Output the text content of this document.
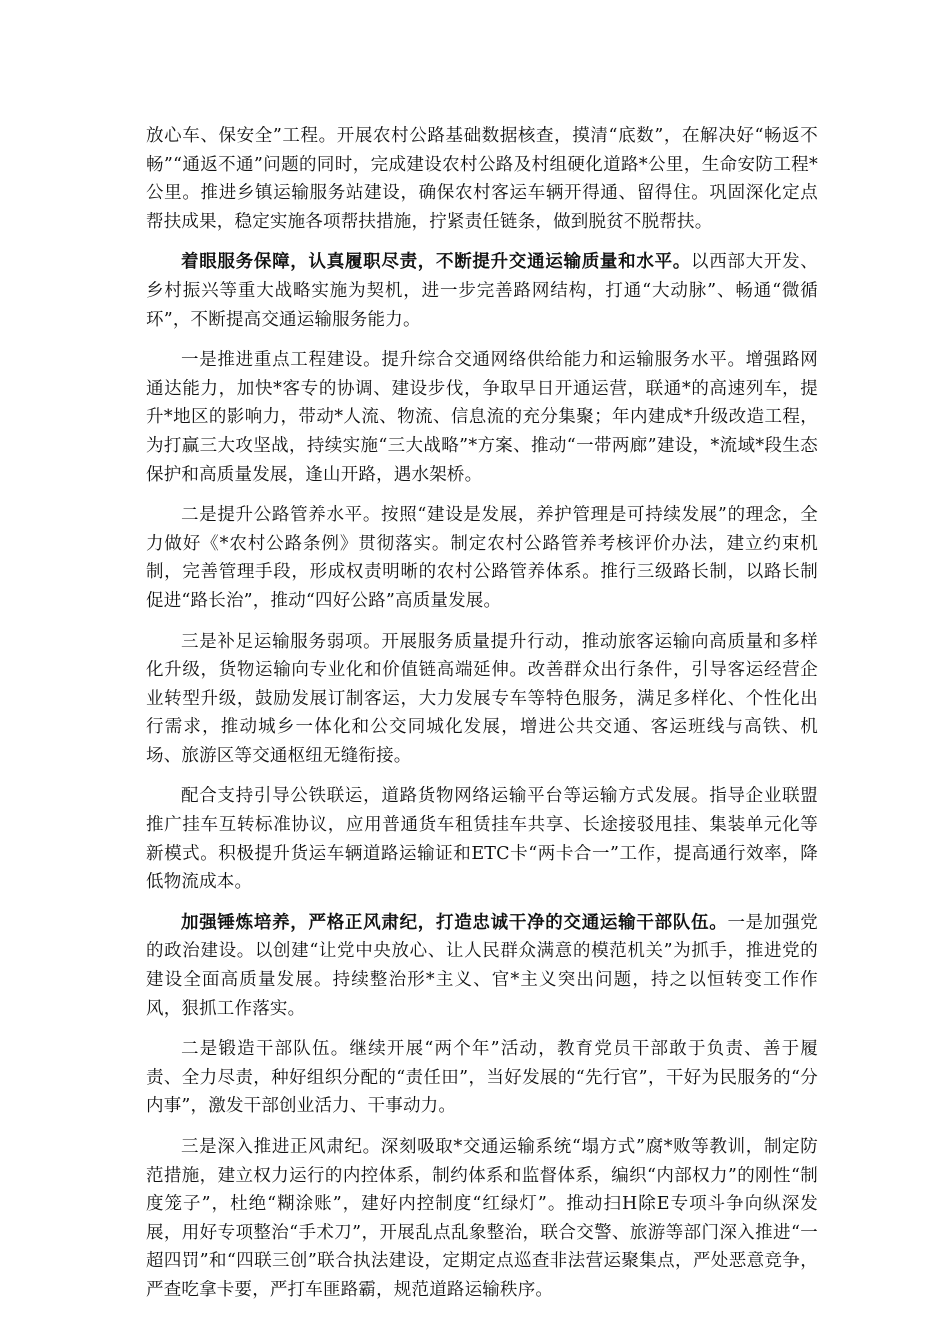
放心车、保安全”工程。开展农村公路基础数据核查，摸清“底数”，在解决好“畅返不畅”“通返不通”问题的同时，完成建设农村公路及村组硬化道路*公里，生命安防工程*公里。推进乡镇运输服务站建设，确保农村客运车辆开得通、留得住。巩固深化定点帮扶成果，稳定实施各项帮扶措施，拧紧责任链条，做到脱贫不脱帮扶。

着眼服务保障，认真履职尽责，不断提升交通运输质量和水平。以西部大开发、乡村振兴等重大战略实施为契机，进一步完善路网结构，打通“大动脉”、畅通“微循环”，不断提高交通运输服务能力。

一是推进重点工程建设。提升综合交通网络供给能力和运输服务水平。增强路网通达能力，加快*客专的协调、建设步伐，争取早日开通运营，联通*的高速列车，提升*地区的影响力，带动*人流、物流、信息流的充分集聚；年内建成*升级改造工程，为打赢三大攻坚战，持续实施“三大战略”*方案、推动“一带两廊”建设，*流域*段生态保护和高质量发展，逢山开路，遇水架桥。

二是提升公路管养水平。按照“建设是发展，养护管理是可持续发展”的理念，全力做好《*农村公路条例》贯彻落实。制定农村公路管养考核评价办法，建立约束机制，完善管理手段，形成权责明晰的农村公路管养体系。推行三级路长制，以路长制促进“路长治”，推动“四好公路”高质量发展。

三是补足运输服务弱项。开展服务质量提升行动，推动旅客运输向高质量和多样化升级，货物运输向专业化和价值链高端延伸。改善群众出行条件，引导客运经营企业转型升级，鼓励发展订制客运，大力发展专车等特色服务，满足多样化、个性化出行需求，推动城乡一体化和公交同城化发展，增进公共交通、客运班线与高铁、机场、旅游区等交通枢纽无缝衔接。

配合支持引导公铁联运，道路货物网络运输平台等运输方式发展。指导企业联盟推广挂车互转标准协议，应用普通货车租赁挂车共享、长途接驳甩挂、集装单元化等新模式。积极提升货运车辆道路运输证和ETC卡“两卡合一”工作，提高通行效率，降低物流成本。

加强锤炼培养，严格正风肃纪，打造忠诚干净的交通运输干部队伍。一是加强党的政治建设。以创建“让党中央放心、让人民群众满意的模范机关”为抓手，推进党的建设全面高质量发展。持续整治形*主义、官*主义突出问题，持之以恒转变工作作风，狠抓工作落实。

二是锻造干部队伍。继续开展“两个年”活动，教育党员干部敢于负责、善于履责、全力尽责，种好组织分配的“责任田”，当好发展的“先行官”，干好为民服务的“分内事”，激发干部创业活力、干事动力。

三是深入推进正风肃纪。深刻吸取*交通运输系统“塌方式”腐*败等教训，制定防范措施，建立权力运行的内控体系，制约体系和监督体系，编织“内部权力”的刚性“制度笼子”，杜绝“糊涂账”，建好内控制度“红绿灯”。推动扫H除E专项斗争向纵深发展，用好专项整治“手术刀”，开展乱点乱象整治，联合交警、旅游等部门深入推进“一超四罚”和“四联三创”联合执法建设，定期定点巡查非法营运聚集点，严处恶意竞争，严查吃拿卡要，严打车匪路霸，规范道路运输秩序。
